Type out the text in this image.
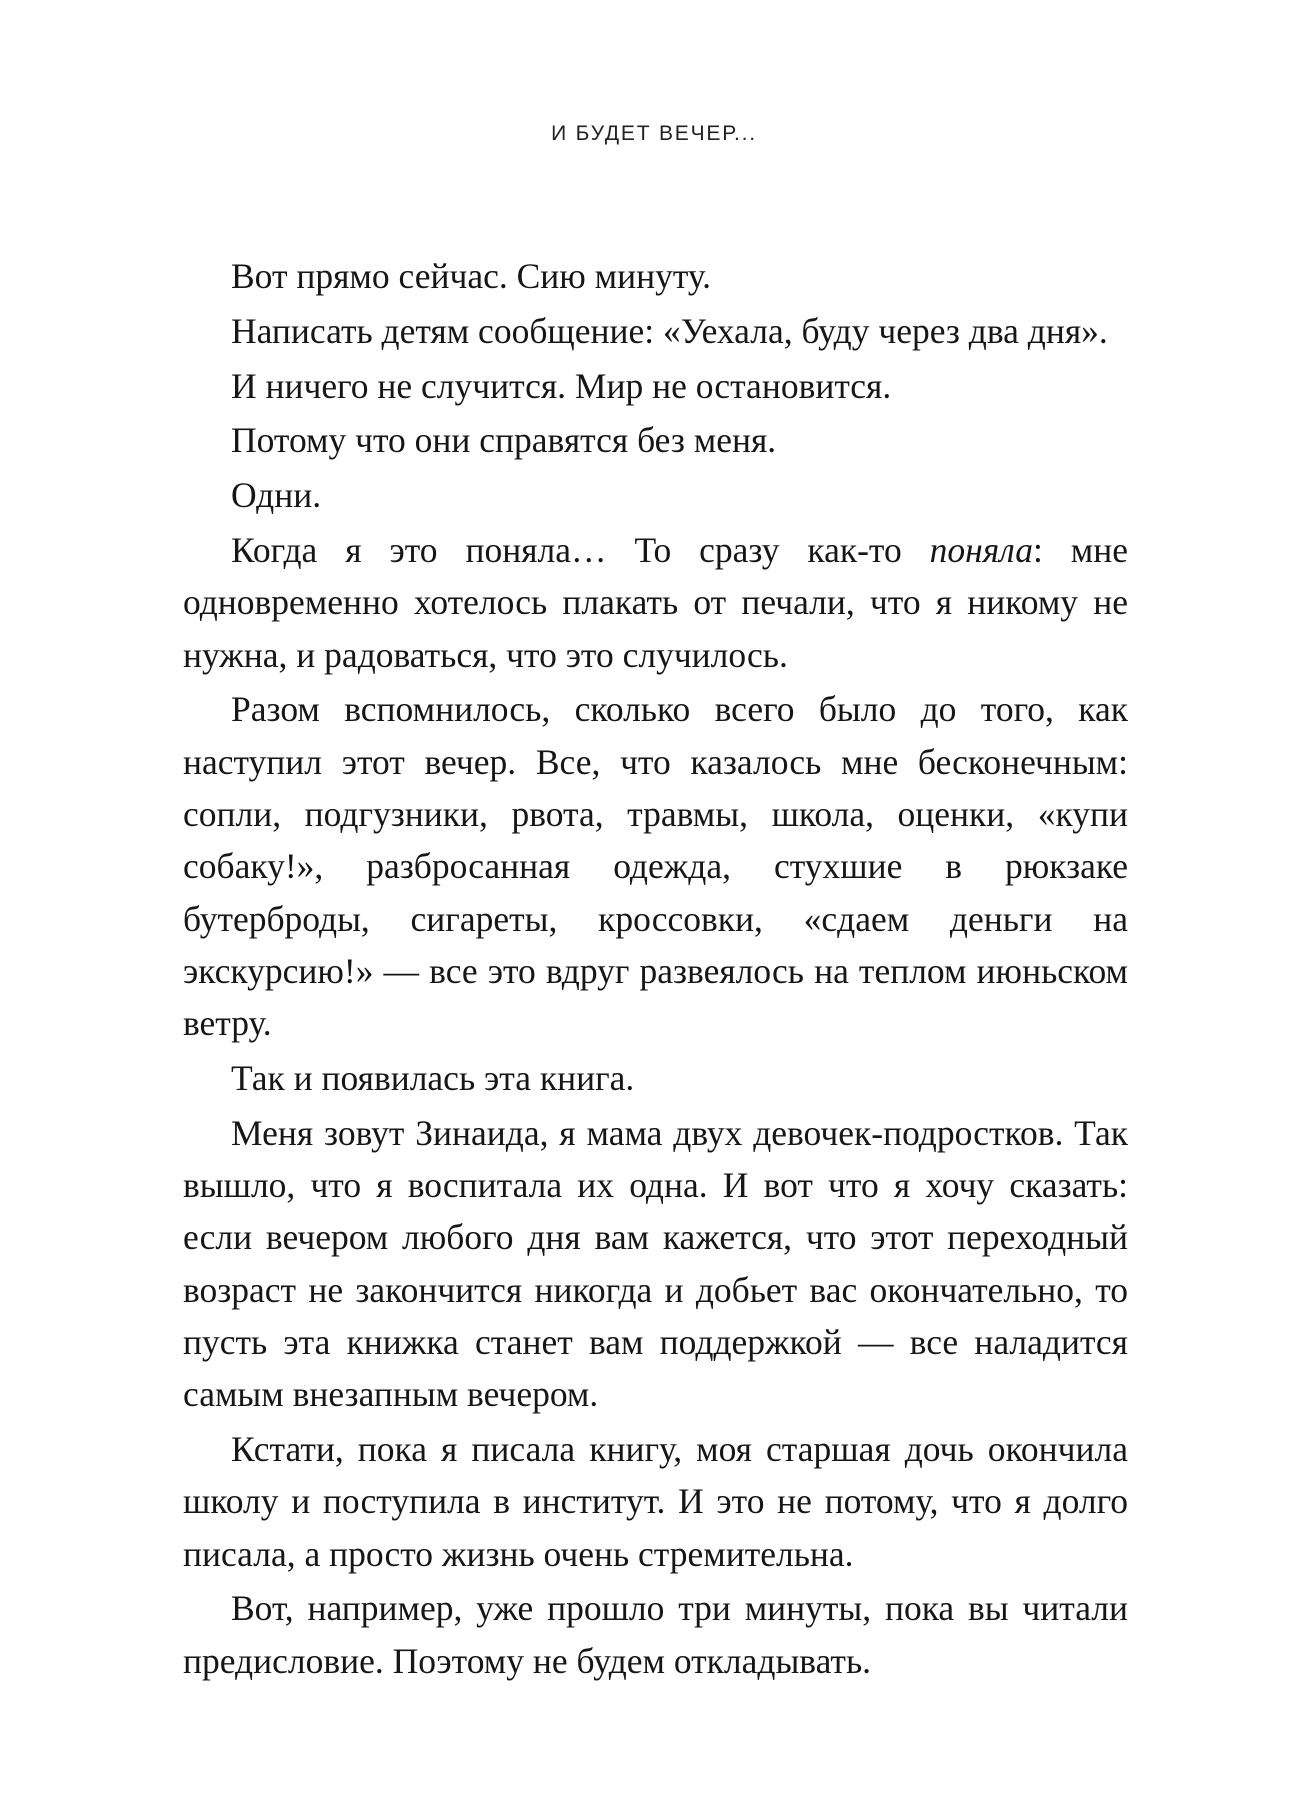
И БУДЕТ ВЕЧЕР...

Вот прямо сейчас. Сию минуту.

Написать детям сообщение: «Уехала, буду через два дня».

И ничего не случится. Мир не остановится.

Потому что они справятся без меня.

Одни.

Когда я это поняла… То сразу как-то поняла: мне одновременно хотелось плакать от печали, что я никому не нужна, и радоваться, что это случилось.

Разом вспомнилось, сколько всего было до того, как наступил этот вечер. Все, что казалось мне бесконечным: сопли, подгузники, рвота, травмы, школа, оценки, «купи собаку!», разбросанная одежда, стухшие в рюкзаке бутерброды, сигареты, кроссовки, «сдаем деньги на экскурсию!» — все это вдруг развеялось на теплом июньском ветру.

Так и появилась эта книга.

Меня зовут Зинаида, я мама двух девочек-подростков. Так вышло, что я воспитала их одна. И вот что я хочу сказать: если вечером любого дня вам кажется, что этот переходный возраст не закончится никогда и добьет вас окончательно, то пусть эта книжка станет вам поддержкой — все наладится самым внезапным вечером.

Кстати, пока я писала книгу, моя старшая дочь окончила школу и поступила в институт. И это не потому, что я долго писала, а просто жизнь очень стремительна.

Вот, например, уже прошло три минуты, пока вы читали предисловие. Поэтому не будем откладывать.
